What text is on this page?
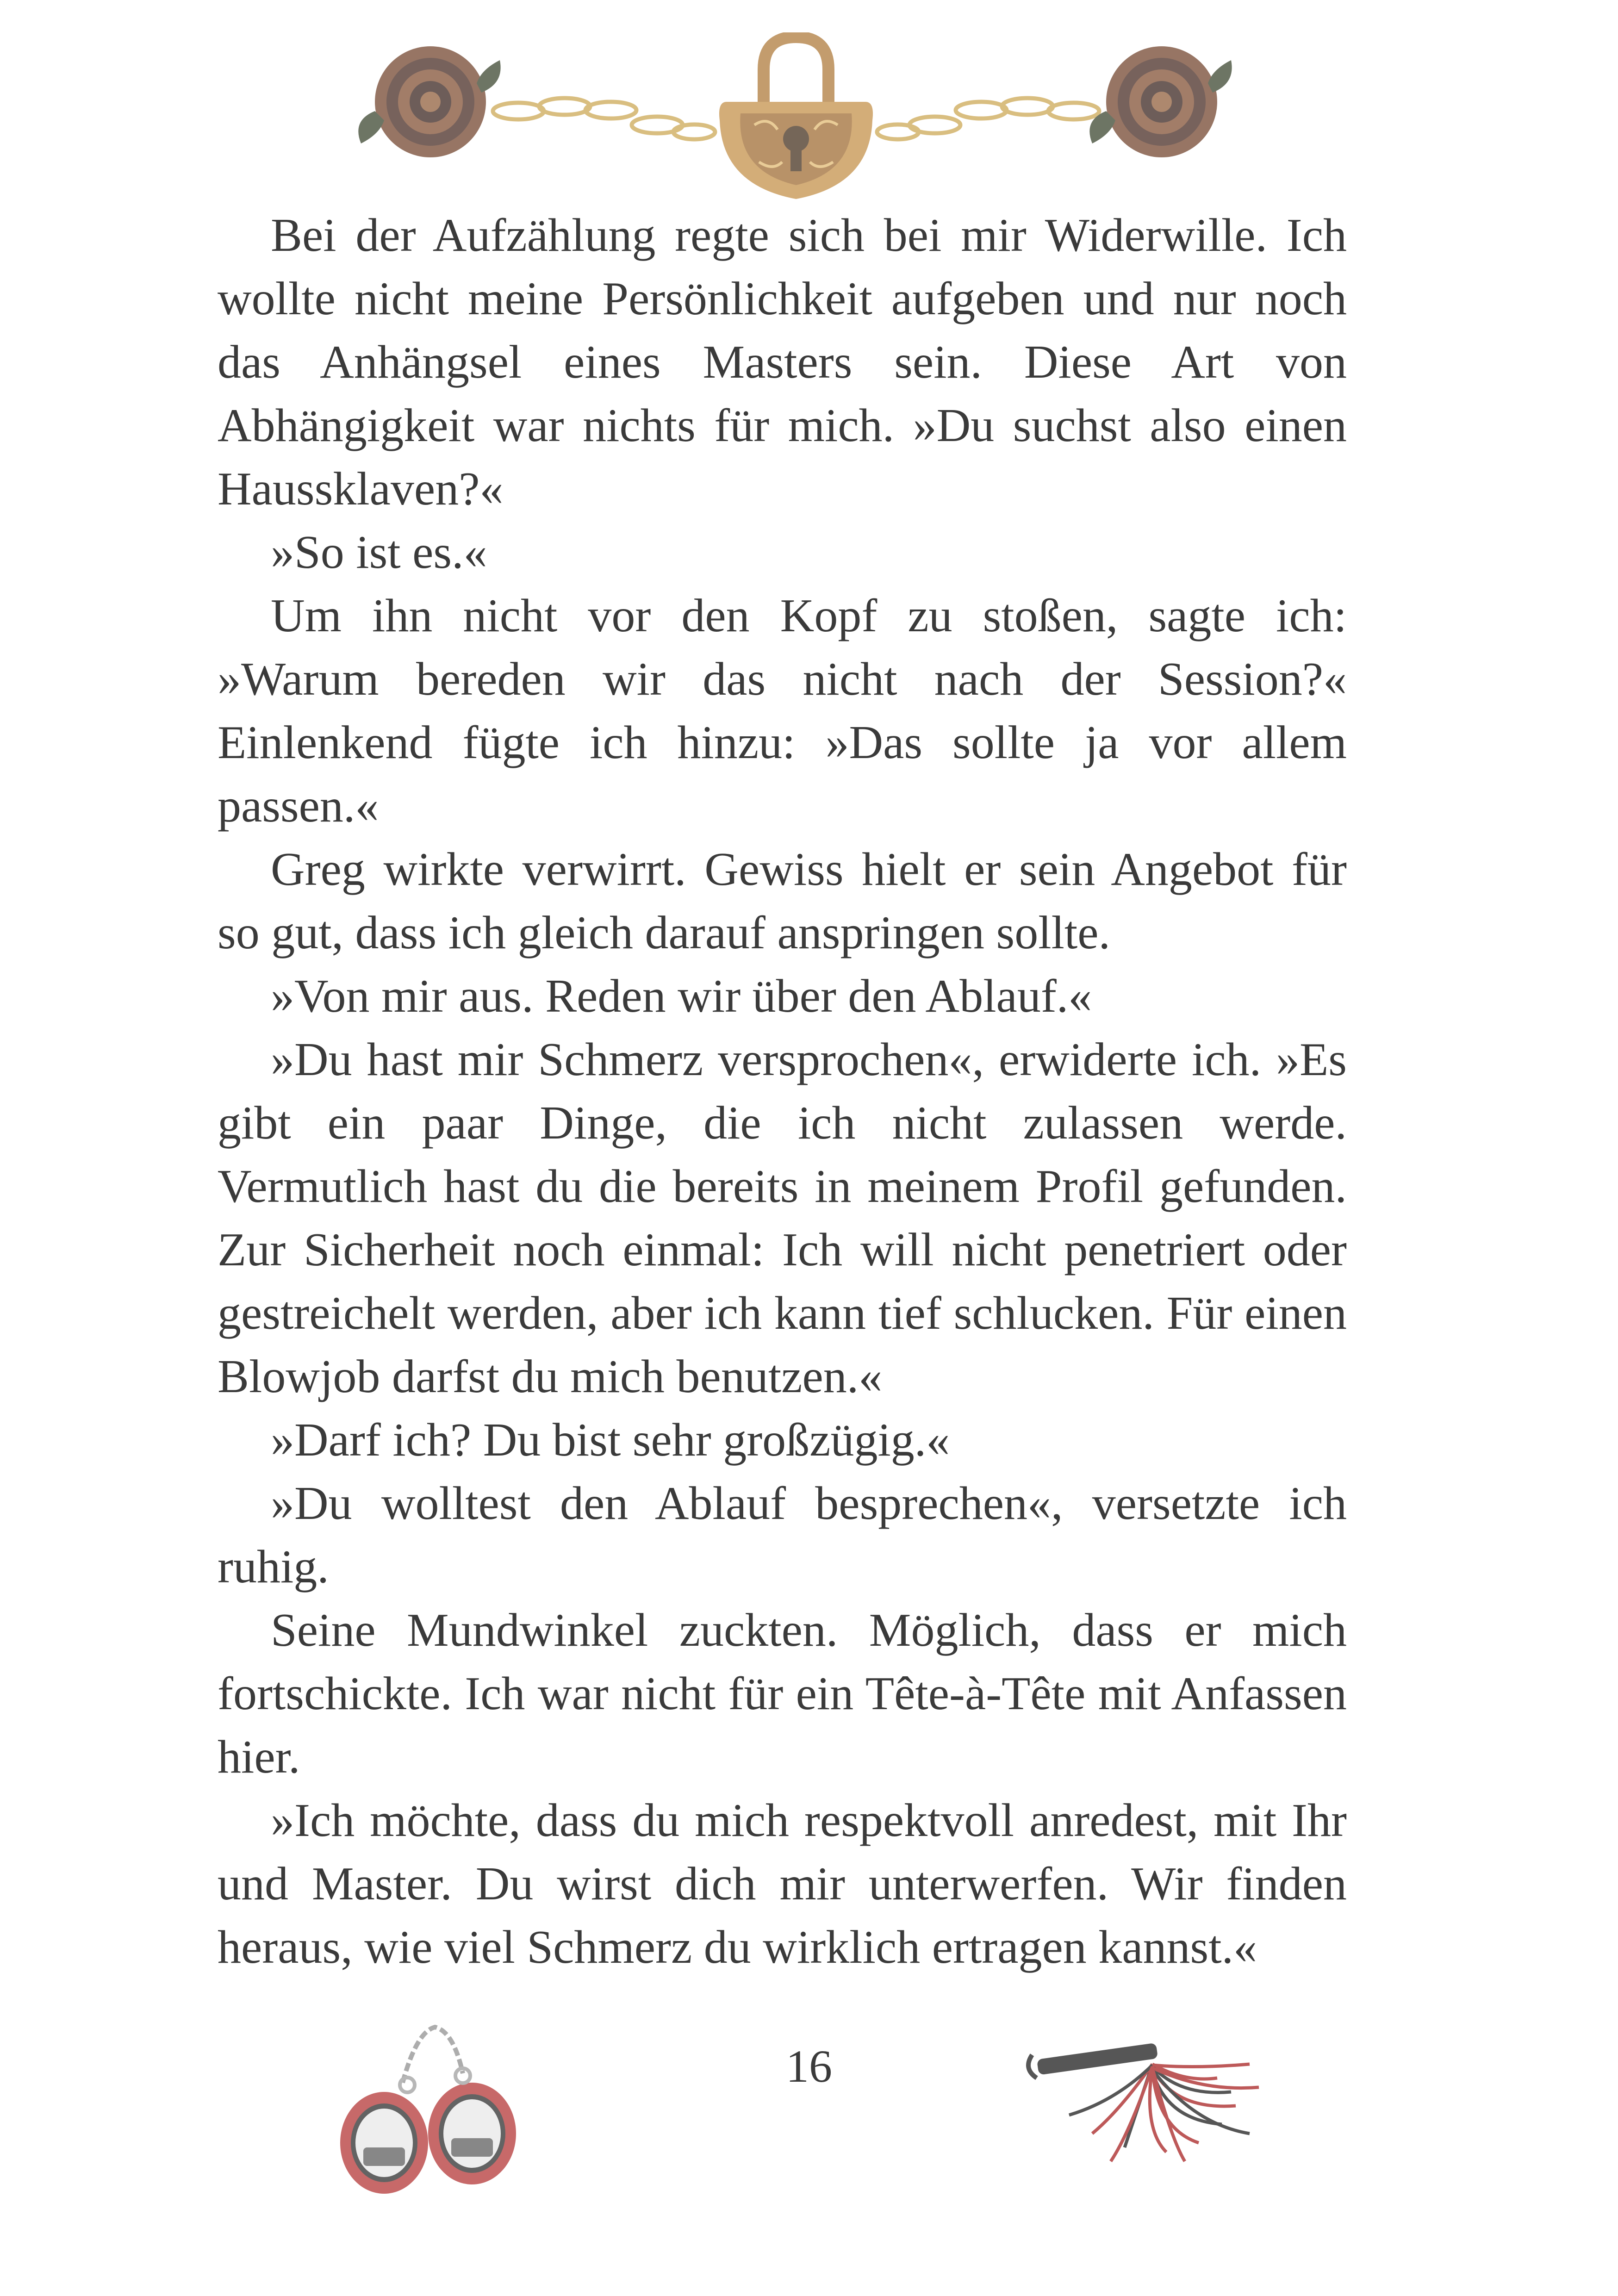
Bei der Aufzählung regte sich bei mir Widerwille. Ich wollte nicht meine Persönlichkeit aufgeben und nur noch das Anhängsel eines Masters sein. Diese Art von Abhängigkeit war nichts für mich. »Du suchst also einen Haussklaven?«

»So ist es.«

Um ihn nicht vor den Kopf zu stoßen, sagte ich: »Warum bereden wir das nicht nach der Session?« Einlenkend fügte ich hinzu: »Das sollte ja vor allem passen.«

Greg wirkte verwirrt. Gewiss hielt er sein Angebot für so gut, dass ich gleich darauf anspringen sollte.

»Von mir aus. Reden wir über den Ablauf.«

»Du hast mir Schmerz versprochen«, erwiderte ich. »Es gibt ein paar Dinge, die ich nicht zulassen werde. Vermutlich hast du die bereits in meinem Profil gefunden. Zur Sicherheit noch einmal: Ich will nicht penetriert oder gestreichelt werden, aber ich kann tief schlucken. Für einen Blowjob darfst du mich benutzen.«

»Darf ich? Du bist sehr großzügig.«

»Du wolltest den Ablauf besprechen«, versetzte ich ruhig.

Seine Mundwinkel zuckten. Möglich, dass er mich fortschickte. Ich war nicht für ein Tête-à-Tête mit Anfassen hier.

»Ich möchte, dass du mich respektvoll anredest, mit Ihr und Master. Du wirst dich mir unterwerfen. Wir finden heraus, wie viel Schmerz du wirklich ertragen kannst.«

16
